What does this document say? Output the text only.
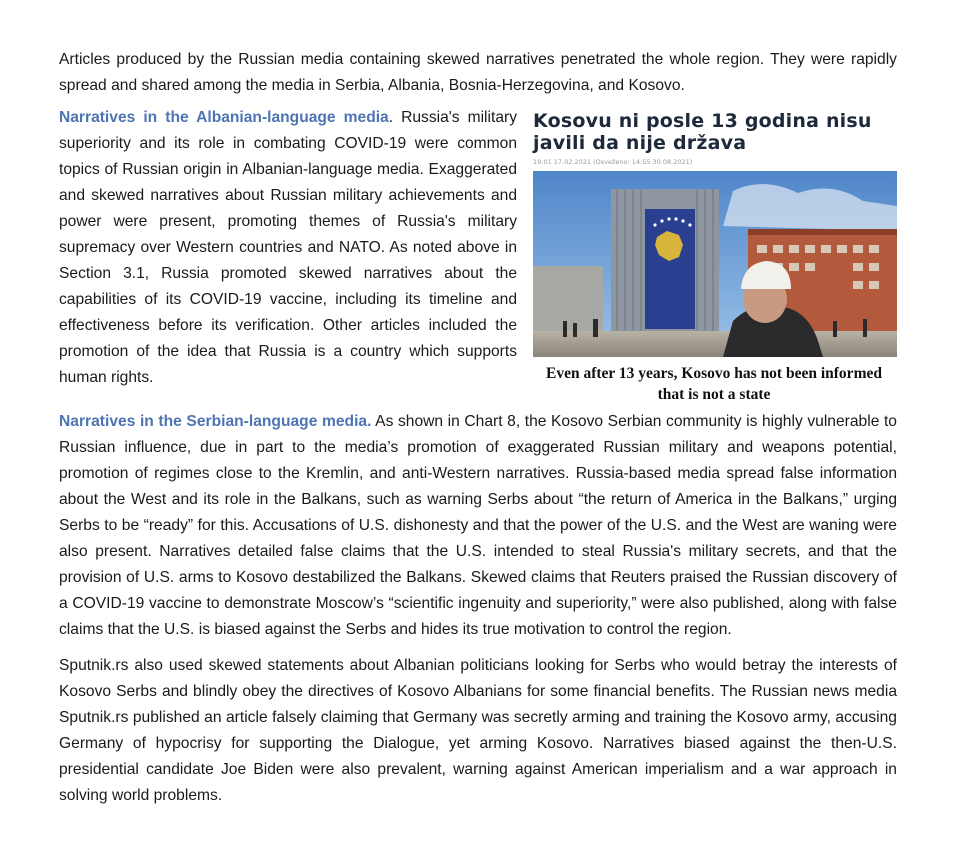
Articles produced by the Russian media containing skewed narratives penetrated the whole region. They were rapidly spread and shared among the media in Serbia, Albania, Bosnia-Herzegovina, and Kosovo.

Kosovu ni posle 13 godina nisu javili da nije država
19:01 17.02.2021 (Osveženo: 14:55 30.08.2021)

Even after 13 years, Kosovo has not been informed that is not a state

Narratives in the Albanian-language media. Russia's military superiority and its role in combating COVID-19 were common topics of Russian origin in Albanian-language media. Exaggerated and skewed narratives about Russian military achievements and power were present, promoting themes of Russia's military supremacy over Western countries and NATO. As noted above in Section 3.1, Russia promoted skewed narratives about the capabilities of its COVID-19 vaccine, including its timeline and effectiveness before its verification. Other articles included the promotion of the idea that Russia is a country which supports human rights.

Narratives in the Serbian-language media. As shown in Chart 8, the Kosovo Serbian community is highly vulnerable to Russian influence, due in part to the media’s promotion of exaggerated Russian military and weapons potential, promotion of regimes close to the Kremlin, and anti-Western narratives. Russia-based media spread false information about the West and its role in the Balkans, such as warning Serbs about “the return of America in the Balkans,” urging Serbs to be “ready” for this. Accusations of U.S. dishonesty and that the power of the U.S. and the West are waning were also present. Narratives detailed false claims that the U.S. intended to steal Russia's military secrets, and that the provision of U.S. arms to Kosovo destabilized the Balkans. Skewed claims that Reuters praised the Russian discovery of a COVID-19 vaccine to demonstrate Moscow’s “scientific ingenuity and superiority,” were also published, along with false claims that the U.S. is biased against the Serbs and hides its true motivation to control the region.

Sputnik.rs also used skewed statements about Albanian politicians looking for Serbs who would betray the interests of Kosovo Serbs and blindly obey the directives of Kosovo Albanians for some financial benefits. The Russian news media Sputnik.rs published an article falsely claiming that Germany was secretly arming and training the Kosovo army, accusing Germany of hypocrisy for supporting the Dialogue, yet arming Kosovo. Narratives biased against the then-U.S. presidential candidate Joe Biden were also prevalent, warning against American imperialism and a war approach in solving world problems.
